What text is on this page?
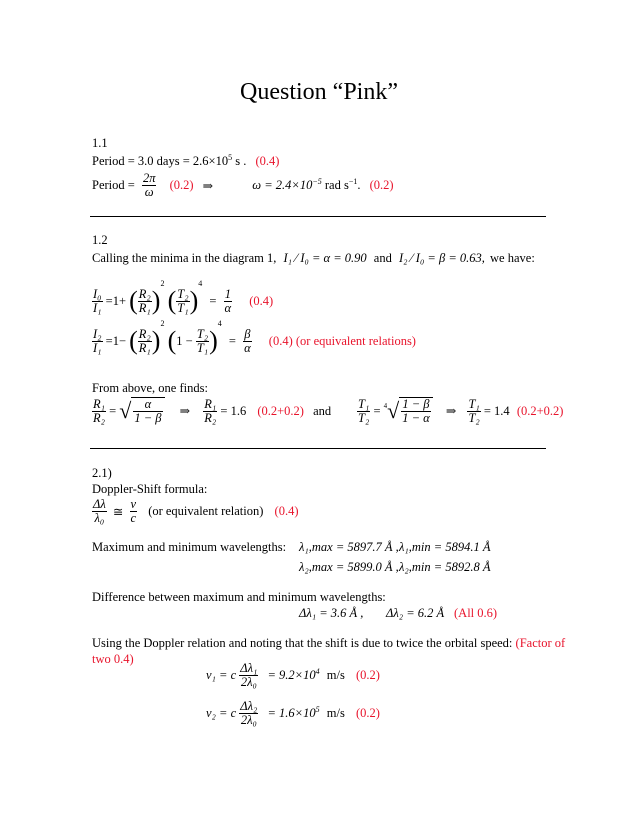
Question “Pink”
1.1
Period = 3.0 days = $2.6\times 10^5$ s . (0.4)
Period = $\frac{2\pi}{\omega} (0.2)$ ⇒	$\omega = 2.4\times 10^{-5}$ rad $s^{-1}$. (0.2)
1.2
Calling the minima in the diagram 1, I₁ ⁄ I₀ = α = 0.90 and I₂ ⁄ I₀ = β = 0.63, we have:
$\frac{\text{I₀}}{\text{I₁}} =1+$ ( $\frac{\text{R₂}}{\text{R₁}} )^2$ ( $\frac{\text{T₂}}{\text{T₁}} )^4 = \frac{1}{\alpha} (0.4)$
$\frac{\text{I₂}}{\text{I₁}} =1-$ ( $\frac{\text{R₂}}{\text{R₁}} )^2$ $(1 - \frac{\text{T₂}}{\text{T₁}} )^4 = \frac{\beta}{\alpha} (0.4)$ (or equivalent relations)
From above, one finds:
$\frac{\text{R₁}}{\text{R₂}}$ = √ $\frac{\alpha}{1 - \beta}$ ⇒ $\frac{\text{R₁}}{\text{R₂}} = 1.6$ (0.2+0.2) and $\frac{\text{T₁}}{\text{T₂}} = ^4√ \frac{1 - \beta}{1 - \alpha}$ ⇒ $\frac{\text{T₁}}{\text{T₂}} = 1.4$ (0.2+0.2)
2.1)
Doppler-Shift formula:
$\frac{\Delta\lambda}{\text{λ₀}}$ ≅ $\frac{v}{c} (or$ equivalent relation) (0.4)
Maximum and minimum wavelengths: λ₁,max = 5897.7 Å , λ₁,min = 5894.1 Å
λ₂,max = 5899.0 Å , λ₂,min = 5892.8 Å
Difference between maximum and minimum wavelengths:
Δλ₁ = 3.6 Å , Δλ₂ = 6.2 Å (All 0.6)
Using the Doppler relation and noting that the shift is due to twice the orbital speed: (Factor of
two 0.4)
v₁ = c $\frac{\text{Δλ₁}}{\text{2λ₀}} = 9.2\times 10^4$ m/s (0.2)
v₂ = c $\frac{\text{Δλ₂}}{\text{2λ₀}} = 1.6\times 10^5$ m/s (0.2)
